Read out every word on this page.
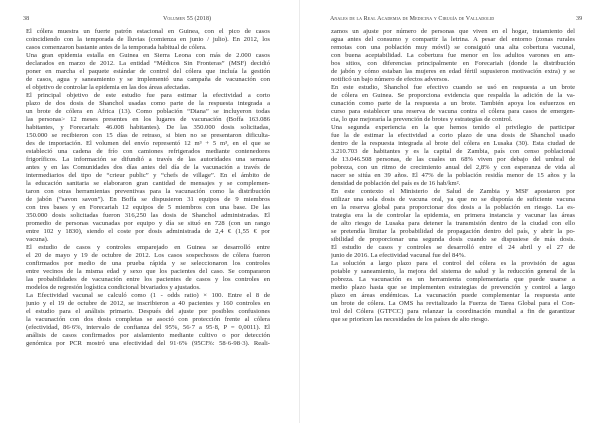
38	Volumen 55 (2018)
El cólera muestra un fuerte patrón estacional en Guinea, con el pico de casos
coincidiendo con la temporada de lluvias (comienza en junio / julio). En 2012, los
casos comenzaron bastante antes de la temporada habitual de cólera.
Una gran epidemia estalla en Guinea en Sierra Leona con más de 2.000 casos
declarados en marzo de 2012. La entidad “Médicos Sin Fronteras” (MSF) decidió
poner en marcha el paquete estándar de control del cólera que incluía la gestión
de casos, agua y saneamiento y se implementó una campaña de vacunación con
el objetivo de controlar la epidemia en las dos áreas afectadas.
El principal objetivo de este estudio fue para estimar la efectividad a corto
plazo de dos dosis de Shanchol usadas como parte de la respuesta integrada a
un brote de cólera en África (13). Como población “Diana” se incluyeron todas
las personas> 12 meses presentes en los lugares de vacunación (Boffa 163.086
habitantes, y Forecariah: 46.008 habitantes). De las 350.000 dosis solicitadas,
150.000 se recibieron con 15 días de retraso, si bien no se presentaron dificulta-
des de importación. El volumen del envío representó 12 m³ + 5 m³, en el que se
estableció una cadena de frío con camiones refrigerados mediante contenedores
frigoríficos. La información se difundió a través de las autoridades una semana
antes y en las Comunidades dos días antes del día de la vacunación a través de
intermediarios del tipo de “crieur public” y “chefs de village”. En el ámbito de
la educación sanitaria se elaboraron gran cantidad de mensajes y se complemen-
taron con otras herramientas preventivas para la vacunación como la distribución
de jabón (“savon savon”). En Boffa se dispusieron 31 equipos de 9 miembros
con tres bases y en Forecariah 12 equipos de 5 miembros con una base. De las
350.000 dosis solicitadas fueron 316,250 las dosis de Shanchol administradas. El
promedio de personas vacunadas por equipo y día se situó en 728 (con un rango
entre 102 y 1830), siendo el coste por dosis administrada de 2,4 € (1,55 € por
vacuna).
El estudio de casos y controles emparejado en Guinea se desarrolló entre
el 20 de mayo y 19 de octubre de 2012. Los casos sospechosos de cólera fueron
confirmados por medio de una prueba rápida y se seleccionaron los controles
entre vecinos de la misma edad y sexo que los pacientes del caso. Se compararon
las probabilidades de vacunación entre los pacientes de casos y los controles en
modelos de regresión logística condicional bivariados y ajustados.
La Efectividad vacunal se calculó como (1 - odds ratio) × 100. Entre el 8 de
junio y el 19 de octubre de 2012, se inscribieron a 40 pacientes y 160 controles en
el estudio para el análisis primario. Después del ajuste por posibles confusiones
la vacunación con dos dosis completas se asoció con protección frente al cólera
(efectividad, 86·6%, intervalo de confianza del 95%, 56·7 a 95·8, P = 0,0011). El
análisis de casos confirmados por aislamiento mediante cultivo o por detección
genómica por PCR mostró una efectividad del 91·6% (95CI%: 58·6-98·3). Reali-
Anales de la Real Academia de Medicina y Cirugía de Valladolid	39
zamos un ajuste por número de personas que viven en el hogar, tratamiento del
agua antes del consumo y compartir la letrina. A pesar del entorno (zonas rurales
remotas con una población muy móvil) se consiguió una alta cobertura vacunal,
con buena aceptabilidad. La cobertura fue menor en los adultos varones en am-
bos sitios, con diferencias principalmente en Forecariah (donde la distribución
de jabón y cómo estaban las mujeres en edad fértil supusieron motivación extra) y se
notificó un bajo número de efectos adversos.
En este estudio, Shanchol fue efectivo cuando se usó en respuesta a un brote
de cólera en Guinea. Se proporciona evidencia que respalda la adición de la va-
cunación como parte de la respuesta a un brote. También apoya los esfuerzos en
curso para establecer una reserva de vacuna contra el cólera para casos de emergen-
cia, lo que mejoraría la prevención de brotes y estrategias de control.
Una segunda experiencia en la que hemos tenido el privilegio de participar
fue la de estimar la efectividad a corto plazo de una dosis de Shanchol usado
dentro de la respuesta integrada al brote del cólera en Lusaka (30). Esta ciudad de
3.210.703 de habitantes y es la capital de Zambia, país con censo poblacional
de 13.046.508 personas, de las cuales un 68% viven por debajo del umbral de
pobreza, con un ritmo de crecimiento anual del 2,8% y con esperanza de vida al
nacer se sitúa en 39 años. El 47% de la población residía menor de 15 años y la
densidad de población del país es de 16 hab/km².
En este contexto el Ministerio de Salud de Zambia y MSF apostaron por
utilizar una sola dosis de vacuna oral, ya que no se disponía de suficiente vacuna
en la reserva global para proporcionar dos dosis a la población en riesgo. La es-
trategia era la de controlar la epidemia, en primera instancia y vacunar las áreas
de alto riesgo de Lusaka para detener la transmisión dentro de la ciudad con ello
se pretendía limitar la probabilidad de propagación dentro del país, y abrir la po-
sibilidad de proporcionar una segunda dosis cuando se dispusiese de más dosis.
El estudio de casos y controles se desarrolló entre el 24 abril y el 27 de
junio de 2016. La efectividad vacunal fue del 84%.
La solución a largo plazo para el control del cólera es la provisión de agua
potable y saneamiento, la mejora del sistema de salud y la reducción general de la
pobreza. La vacunación es un herramienta complementaria que puede usarse a
medio plazo hasta que se implementen estrategias de prevención y control a largo
plazo en áreas endémicas. La vacunación puede complementar la respuesta ante
un brote de cólera. La OMS ha revitalizado la Fuerza de Tarea Global para el Con-
trol del Cólera (GTFCC) para relanzar la coordinación mundial a fin de garantizar
que se prioricen las necesidades de los países de alto riesgo.
